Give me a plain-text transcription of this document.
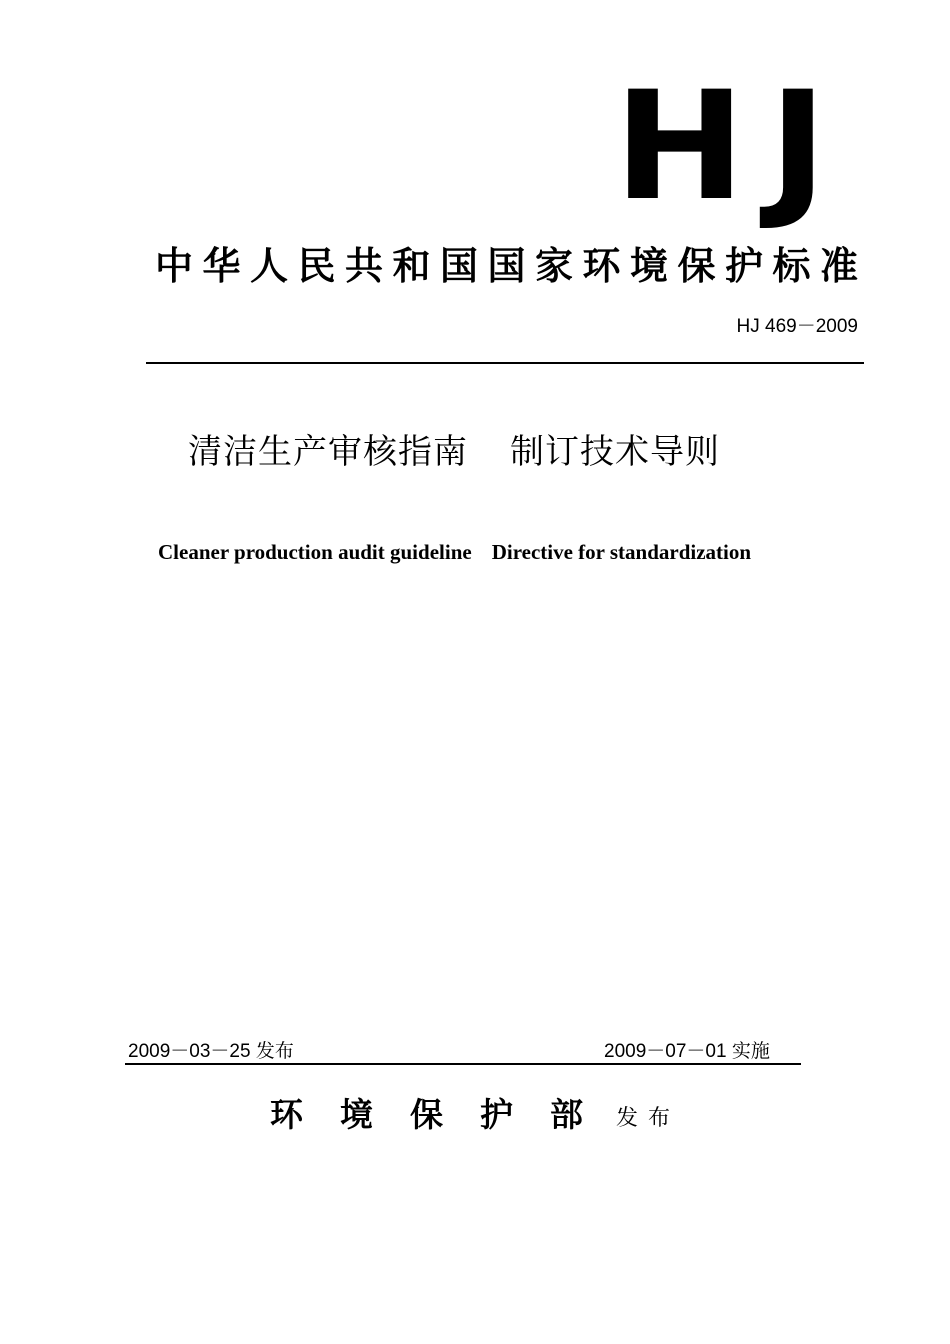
HJ
中华人民共和国国家环境保护标准
HJ 469－2009
清洁生产审核指南 制订技术导则
Cleaner production audit guideline Directive for standardization
2009－03－25 发布	2009－07－01 实施
环境保护部
发布
